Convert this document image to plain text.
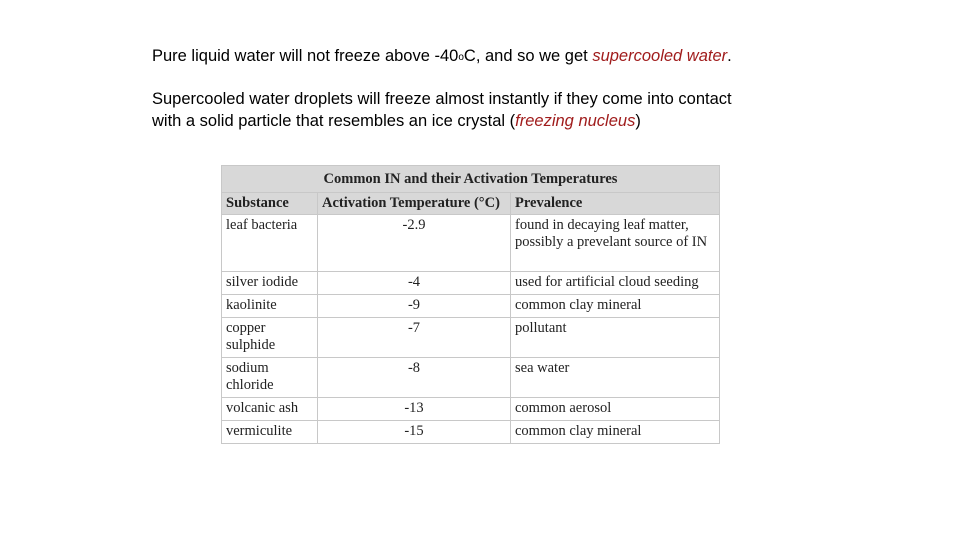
Pure liquid water will not freeze above -40$^o$C, and so we get supercooled water.
Supercooled water droplets will freeze almost instantly if they come into contact
with a solid particle that resembles an ice crystal (freezing nucleus)
Common IN and their Activation Temperatures		
Substance	Activation Temperature (°C)	Prevalence
leaf bacteria	-2.9	found in decaying leaf matter, possibly a prevelant source of IN
silver iodide	-4	used for artificial cloud seeding
kaolinite	-9	common clay mineral
copper sulphide	-7	pollutant
sodium chloride	-8	sea water
volcanic ash	-13	common aerosol
vermiculite	-15	common clay mineral
